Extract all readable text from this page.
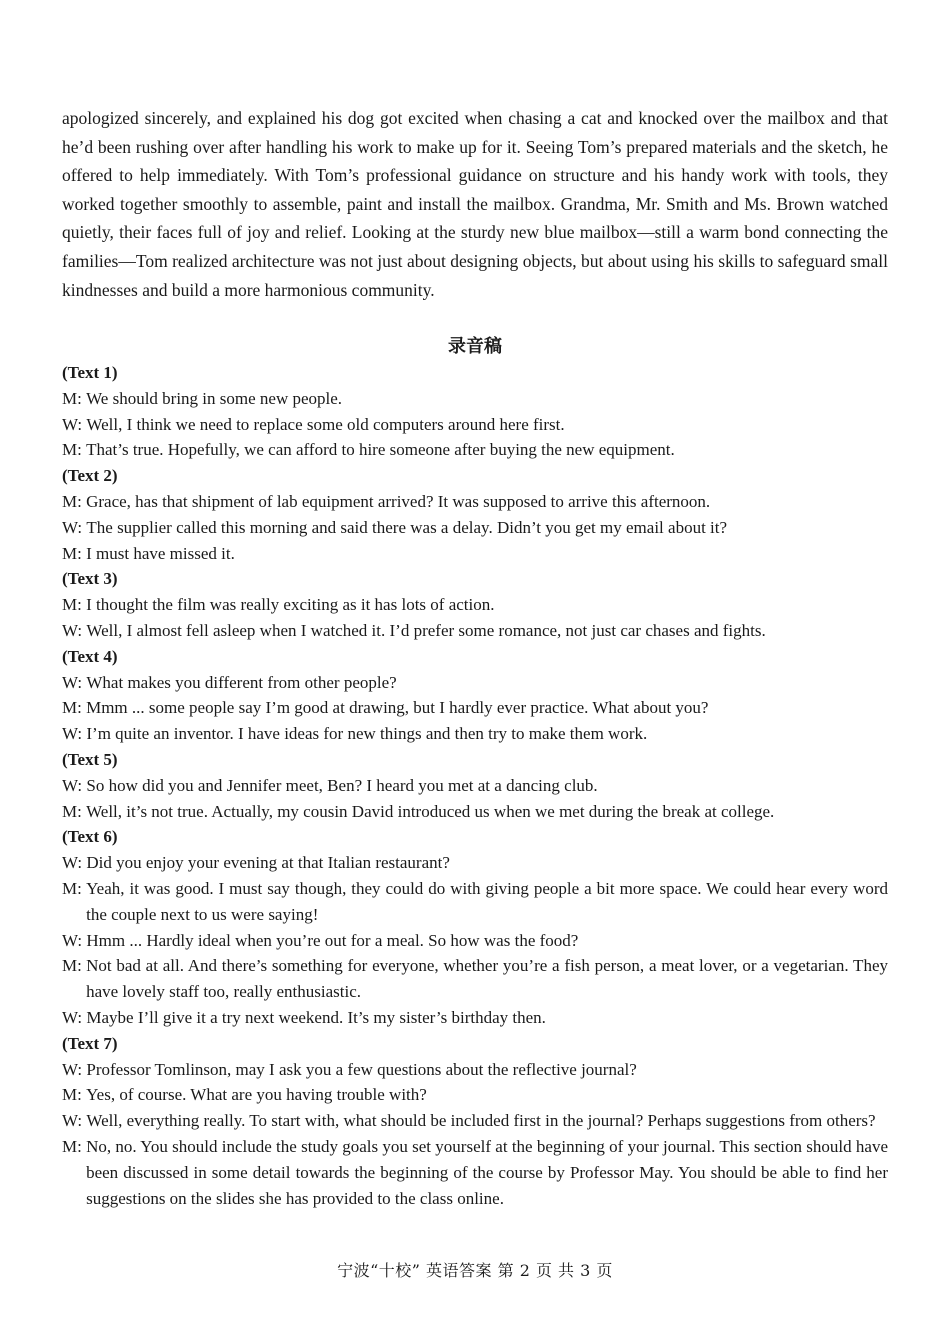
apologized sincerely, and explained his dog got excited when chasing a cat and knocked over the mailbox and that he’d been rushing over after handling his work to make up for it. Seeing Tom’s prepared materials and the sketch, he offered to help immediately. With Tom’s professional guidance on structure and his handy work with tools, they worked together smoothly to assemble, paint and install the mailbox. Grandma, Mr. Smith and Ms. Brown watched quietly, their faces full of joy and relief. Looking at the sturdy new blue mailbox—still a warm bond connecting the families—Tom realized architecture was not just about designing objects, but about using his skills to safeguard small kindnesses and build a more harmonious community.

录音稿
(Text 1)
M:
We should bring in some new people.
W:
Well, I think we need to replace some old computers around here first.
M:
That’s true. Hopefully, we can afford to hire someone after buying the new equipment.
(Text 2)
M:
Grace, has that shipment of lab equipment arrived? It was supposed to arrive this afternoon.
W:
The supplier called this morning and said there was a delay. Didn’t you get my email about it?
M:
I must have missed it.
(Text 3)
M:
I thought the film was really exciting as it has lots of action.
W:
Well, I almost fell asleep when I watched it. I’d prefer some romance, not just car chases and fights.
(Text 4)
W:
What makes you different from other people?
M:
Mmm ... some people say I’m good at drawing, but I hardly ever practice. What about you?
W:
I’m quite an inventor. I have ideas for new things and then try to make them work.
(Text 5)
W:
So how did you and Jennifer meet, Ben? I heard you met at a dancing club.
M:
Well, it’s not true. Actually, my cousin David introduced us when we met during the break at college.
(Text 6)
W:
Did you enjoy your evening at that Italian restaurant?
M:
Yeah, it was good. I must say though, they could do with giving people a bit more space. We could hear every word the couple next to us were saying!
W:
Hmm ... Hardly ideal when you’re out for a meal. So how was the food?
M:
Not bad at all. And there’s something for everyone, whether you’re a fish person, a meat lover, or a vegetarian. They have lovely staff too, really enthusiastic.
W:
Maybe I’ll give it a try next weekend. It’s my sister’s birthday then.
(Text 7)
W:
Professor Tomlinson, may I ask you a few questions about the reflective journal?
M:
Yes, of course. What are you having trouble with?
W:
Well, everything really. To start with, what should be included first in the journal? Perhaps suggestions from others?
M:
No, no. You should include the study goals you set yourself at the beginning of your journal. This section should have been discussed in some detail towards the beginning of the course by Professor May. You should be able to find her suggestions on the slides she has provided to the class online.
宁波“十校” 英语答案 第 2 页 共 3 页
